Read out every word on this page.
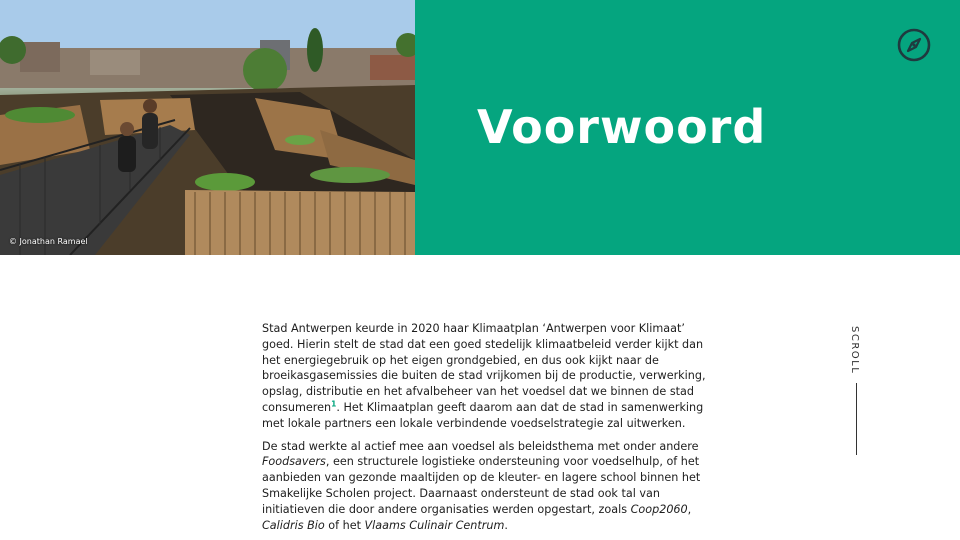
© Jonathan Ramael
Voorwoord

Stad Antwerpen keurde in 2020 haar Klimaatplan ‘Antwerpen voor Klimaat’ goed. Hierin stelt de stad dat een goed stedelijk klimaatbeleid verder kijkt dan het energiegebruik op het eigen grondgebied, en dus ook kijkt naar de broeikasgasemissies die buiten de stad vrijkomen bij de productie, verwerking, opslag, distributie en het afvalbeheer van het voedsel dat we binnen de stad consumeren$^1$. Het Klimaatplan geeft daarom aan dat de stad in samenwerking met lokale partners een lokale verbindende voedselstrategie zal uitwerken.

De stad werkte al actief mee aan voedsel als beleidsthema met onder andere Foodsavers, een structurele logistieke ondersteuning voor voedselhulp, of het aanbieden van gezonde maaltijden op de kleuter- en lagere school binnen het Smakelijke Scholen project. Daarnaast ondersteunt de stad ook tal van initiatieven die door andere organisaties werden opgestart, zoals Coop2060, Calidris Bio of het Vlaams Culinair Centrum.

SCROLL
